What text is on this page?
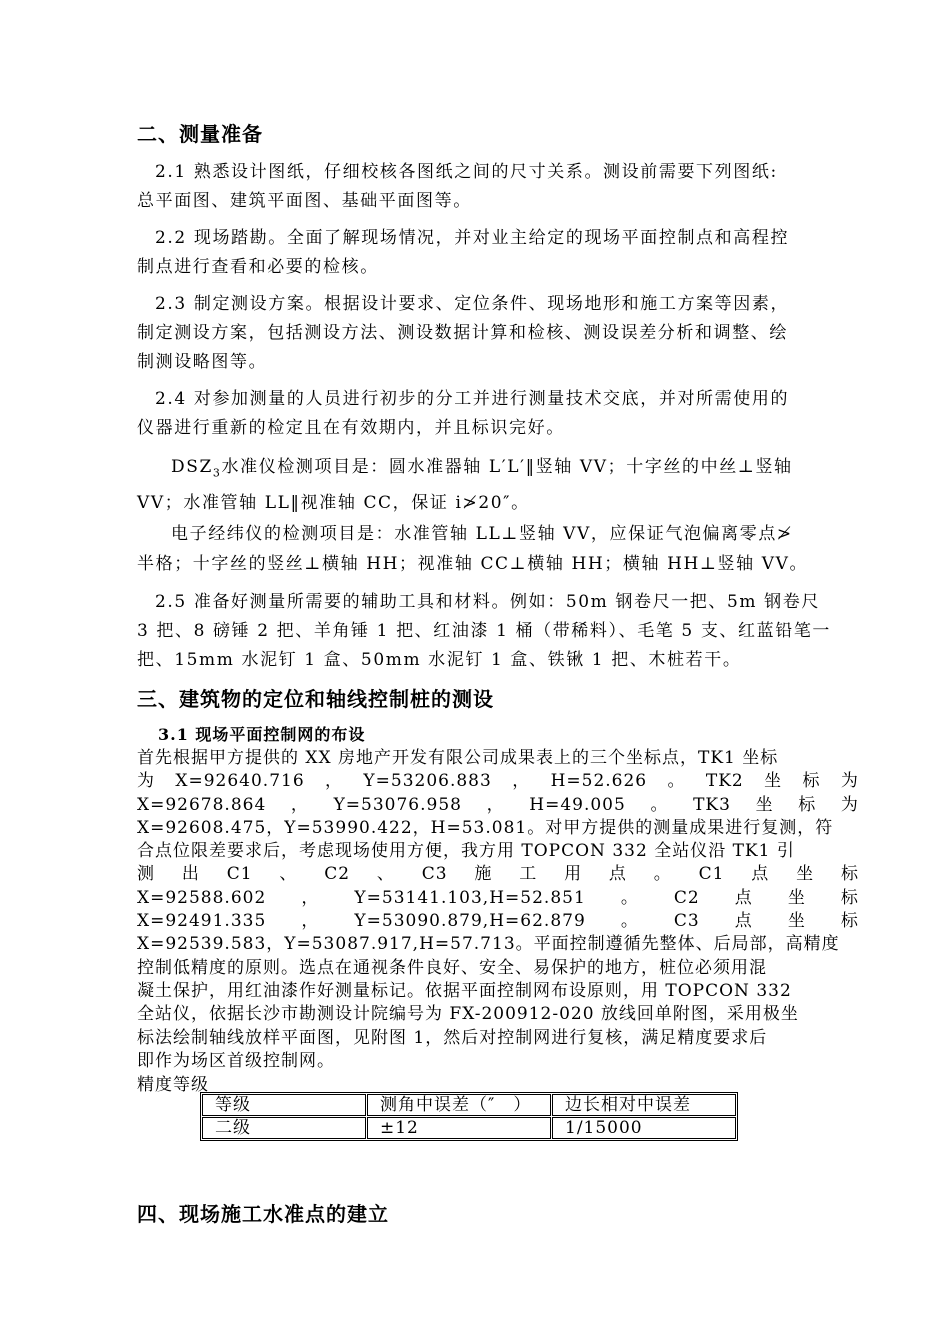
二、测量准备
2.1 熟悉设计图纸，仔细校核各图纸之间的尺寸关系。测设前需要下列图纸:
总平面图、建筑平面图、基础平面图等。
2.2 现场踏勘。全面了解现场情况，并对业主给定的现场平面控制点和高程控
制点进行查看和必要的检核。
2.3 制定测设方案。根据设计要求、定位条件、现场地形和施工方案等因素，
制定测设方案，包括测设方法、测设数据计算和检核、测设误差分析和调整、绘
制测设略图等。
2.4 对参加测量的人员进行初步的分工并进行测量技术交底，并对所需使用的
仪器进行重新的检定且在有效期内，并且标识完好。
$DSZ_3$水准仪检测项目是：圆水准器轴 L′L′‖竖轴 VV；十字丝的中丝⊥竖轴
VV；水准管轴 LL‖视准轴 CC，保证 i≯20″。
电子经纬仪的检测项目是：水准管轴 LL⊥竖轴 VV，应保证气泡偏离零点≯
半格；十字丝的竖丝⊥横轴 HH；视准轴 CC⊥横轴 HH；横轴 HH⊥竖轴 VV。
2.5 准备好测量所需要的辅助工具和材料。例如：50m 钢卷尺一把、5m 钢卷尺
3 把、8 磅锤 2 把、羊角锤 1 把、红油漆 1 桶（带稀料）、毛笔 5 支、红蓝铅笔一
把、15mm 水泥钉 1 盒、50mm 水泥钉 1 盒、铁锹 1 把、木桩若干。
三、建筑物的定位和轴线控制桩的测设
3.1 现场平面控制网的布设
首先根据甲方提供的 XX 房地产开发有限公司成果表上的三个坐标点，TK1 坐标
为 X=92640.716 ， Y=53206.883 ， H=52.626 。 TK2 坐 标 为
X=92678.864 ， Y=53076.958 ， H=49.005 。 TK3 坐 标 为
X=92608.475，Y=53990.422，H=53.081。对甲方提供的测量成果进行复测，符
合点位限差要求后，考虑现场使用方便，我方用 TOPCON 332 全站仪沿 TK1 引
测 出 C1 、 C2 、 C3 施 工 用 点 。 C1 点 坐 标
X=92588.602 ， Y=53141.103,H=52.851 。 C2 点 坐 标
X=92491.335 ， Y=53090.879,H=62.879 。 C3 点 坐 标
X=92539.583，Y=53087.917,H=57.713。平面控制遵循先整体、后局部，高精度
控制低精度的原则。选点在通视条件良好、安全、易保护的地方，桩位必须用混
凝土保护，用红油漆作好测量标记。依据平面控制网布设原则，用 TOPCON 332
全站仪，依据长沙市勘测设计院编号为 FX-200912-020 放线回单附图，采用极坐
标法绘制轴线放样平面图，见附图 1，然后对控制网进行复核，满足精度要求后
即作为场区首级控制网。
精度等级
等级	测角中误差（″　）	边长相对中误差
二级	±12	1/15000
四、现场施工水准点的建立
